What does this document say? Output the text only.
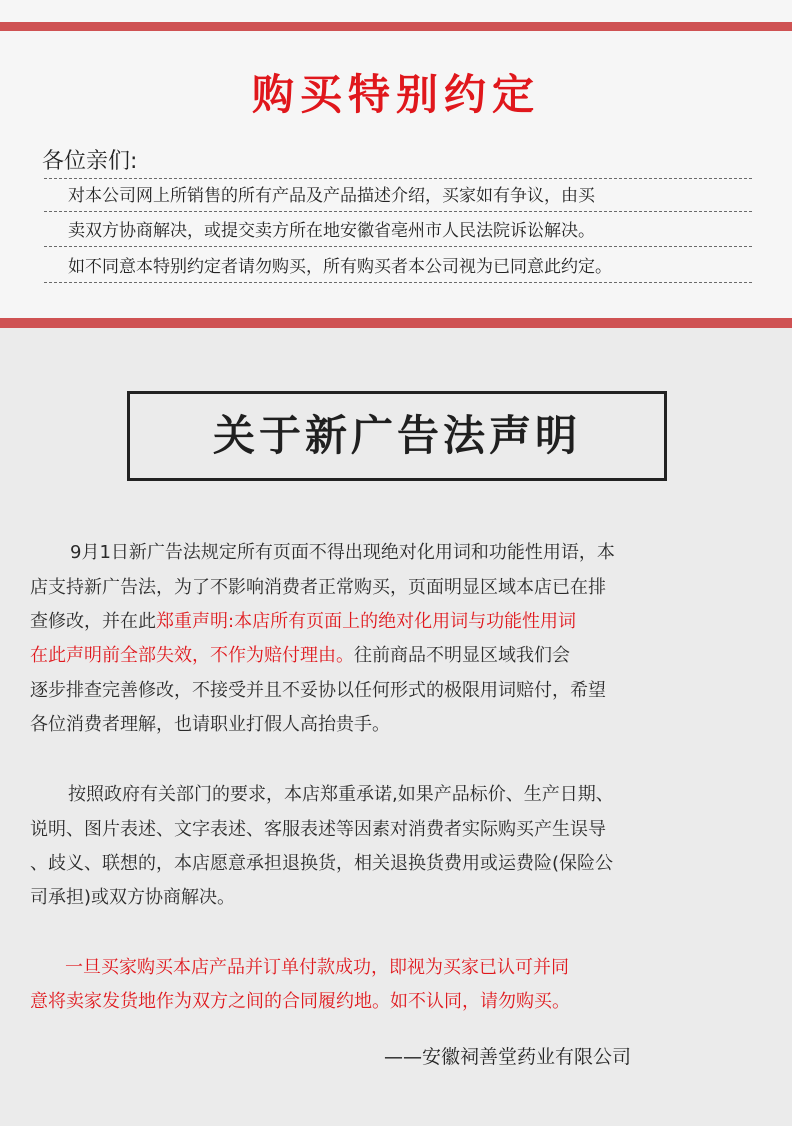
购买特别约定
各位亲们:
对本公司网上所销售的所有产品及产品描述介绍，买家如有争议，由买
卖双方协商解决，或提交卖方所在地安徽省亳州市人民法院诉讼解决。
如不同意本特别约定者请勿购买，所有购买者本公司视为已同意此约定。
关于新广告法声明
9月1日新广告法规定所有页面不得出现绝对化用词和功能性用语，本
店支持新广告法，为了不影响消费者正常购买，页面明显区域本店已在排
查修改，并在此郑重声明:本店所有页面上的绝对化用词与功能性用词
在此声明前全部失效，不作为赔付理由。往前商品不明显区域我们会
逐步排查完善修改，不接受并且不妥协以任何形式的极限用词赔付，希望
各位消费者理解，也请职业打假人高抬贵手。
按照政府有关部门的要求，本店郑重承诺,如果产品标价、生产日期、
说明、图片表述、文字表述、客服表述等因素对消费者实际购买产生误导
、歧义、联想的，本店愿意承担退换货，相关退换货费用或运费险(保险公
司承担)或双方协商解决。
一旦买家购买本店产品并订单付款成功，即视为买家已认可并同
意将卖家发货地作为双方之间的合同履约地。如不认同，请勿购买。
——安徽祠善堂药业有限公司
